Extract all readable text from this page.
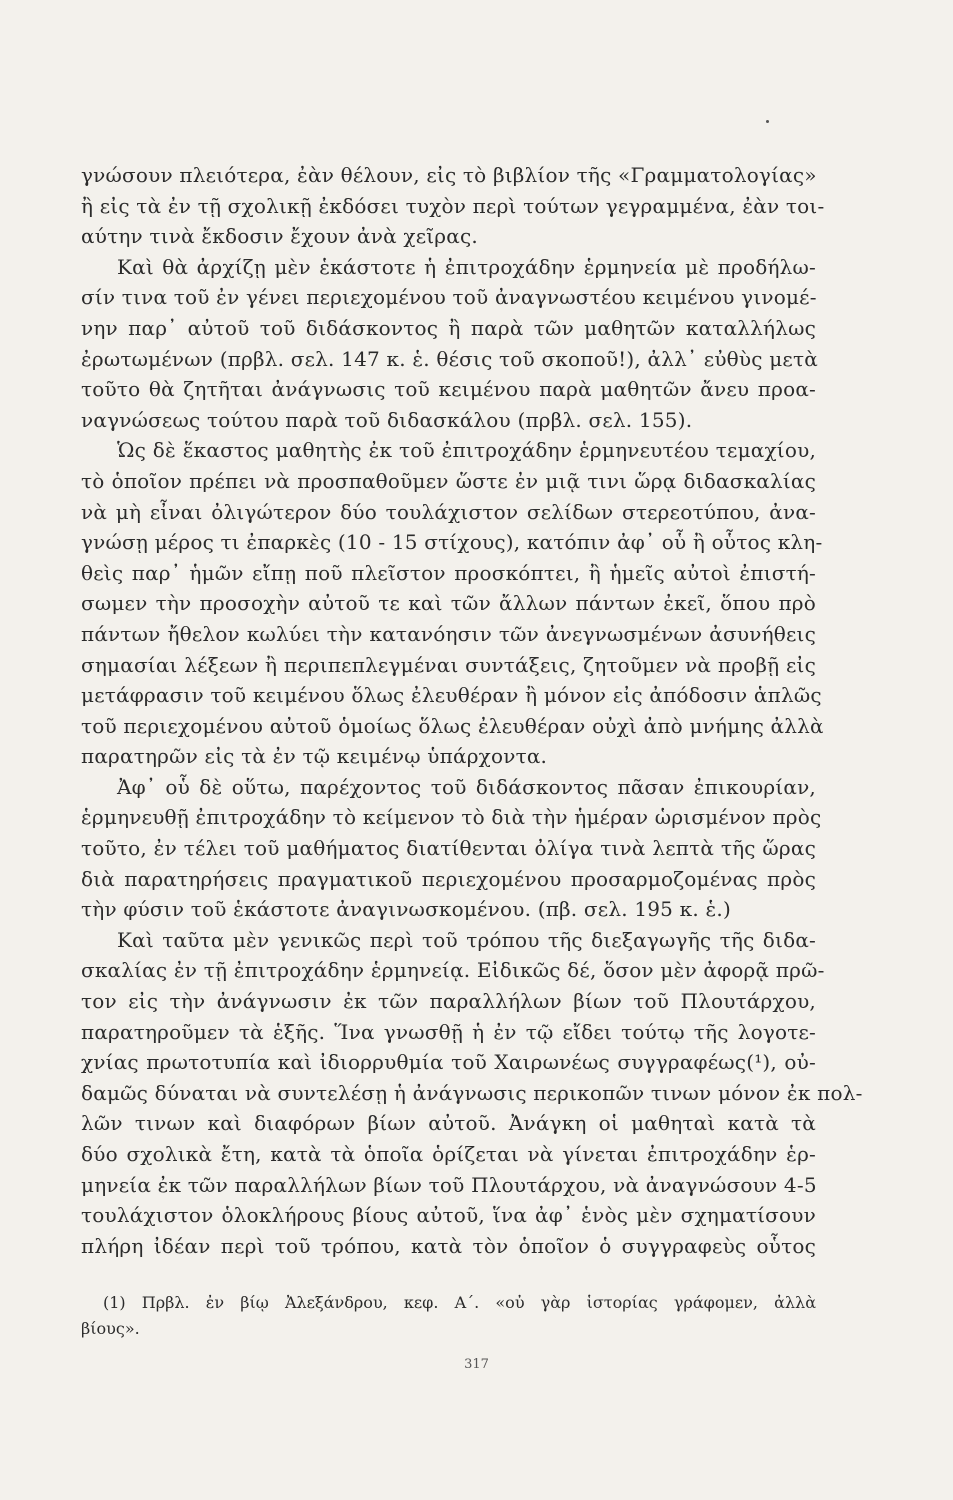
γνώσουν πλειότερα, ἐὰν θέλουν, εἰς τὸ βιβλίον τῆς «Γραμματολογίας»
ἢ εἰς τὰ ἐν τῇ σχολικῇ ἐκδόσει τυχὸν περὶ τούτων γεγραμμένα, ἐὰν τοι-
αύτην τινὰ ἔκδοσιν ἔχουν ἀνὰ χεῖρας.
Καὶ θὰ ἀρχίζῃ μὲν ἑκάστοτε ἡ ἐπιτροχάδην ἑρμηνεία μὲ προδήλω-
σίν τινα τοῦ ἐν γένει περιεχομένου τοῦ ἀναγνωστέου κειμένου γινομέ-
νην παρ᾽ αὐτοῦ τοῦ διδάσκοντος ἢ παρὰ τῶν μαθητῶν καταλλήλως
ἐρωτωμένων (πρβλ. σελ. 147 κ. ἑ. θέσις τοῦ σκοποῦ!), ἀλλ᾽ εὐθὺς μετὰ
τοῦτο θὰ ζητῆται ἀνάγνωσις τοῦ κειμένου παρὰ μαθητῶν ἄνευ προα-
ναγνώσεως τούτου παρὰ τοῦ διδασκάλου (πρβλ. σελ. 155).
Ὡς δὲ ἕκαστος μαθητὴς ἐκ τοῦ ἐπιτροχάδην ἑρμηνευτέου τεμαχίου,
τὸ ὁποῖον πρέπει νὰ προσπαθοῦμεν ὥστε ἐν μιᾷ τινι ὥρᾳ διδασκαλίας
νὰ μὴ εἶναι ὀλιγώτερον δύο τουλάχιστον σελίδων στερεοτύπου, ἀνα-
γνώσῃ μέρος τι ἐπαρκὲς (10 - 15 στίχους), κατόπιν ἀφ᾽ οὗ ἢ οὗτος κλη-
θεὶς παρ᾽ ἡμῶν εἴπῃ ποῦ πλεῖστον προσκόπτει, ἢ ἡμεῖς αὐτοὶ ἐπιστή-
σωμεν τὴν προσοχὴν αὐτοῦ τε καὶ τῶν ἄλλων πάντων ἐκεῖ, ὅπου πρὸ
πάντων ἤθελον κωλύει τὴν κατανόησιν τῶν ἀνεγνωσμένων ἀσυνήθεις
σημασίαι λέξεων ἢ περιπεπλεγμέναι συντάξεις, ζητοῦμεν νὰ προβῇ εἰς
μετάφρασιν τοῦ κειμένου ὅλως ἐλευθέραν ἢ μόνον εἰς ἀπόδοσιν ἁπλῶς
τοῦ περιεχομένου αὐτοῦ ὁμοίως ὅλως ἐλευθέραν οὐχὶ ἀπὸ μνήμης ἀλλὰ
παρατηρῶν εἰς τὰ ἐν τῷ κειμένῳ ὑπάρχοντα.
Ἀφ᾽ οὗ δὲ οὕτω, παρέχοντος τοῦ διδάσκοντος πᾶσαν ἐπικουρίαν,
ἑρμηνευθῇ ἐπιτροχάδην τὸ κείμενον τὸ διὰ τὴν ἡμέραν ὡρισμένον πρὸς
τοῦτο, ἐν τέλει τοῦ μαθήματος διατίθενται ὀλίγα τινὰ λεπτὰ τῆς ὥρας
διὰ παρατηρήσεις πραγματικοῦ περιεχομένου προσαρμοζομένας πρὸς
τὴν φύσιν τοῦ ἑκάστοτε ἀναγινωσκομένου. (πβ. σελ. 195 κ. ἑ.)
Καὶ ταῦτα μὲν γενικῶς περὶ τοῦ τρόπου τῆς διεξαγωγῆς τῆς διδα-
σκαλίας ἐν τῇ ἐπιτροχάδην ἑρμηνείᾳ. Εἰδικῶς δέ, ὅσον μὲν ἀφορᾷ πρῶ-
τον εἰς τὴν ἀνάγνωσιν ἐκ τῶν παραλλήλων βίων τοῦ Πλουτάρχου,
παρατηροῦμεν τὰ ἑξῆς. Ἵνα γνωσθῇ ἡ ἐν τῷ εἴδει τούτῳ τῆς λογοτε-
χνίας πρωτοτυπία καὶ ἰδιορρυθμία τοῦ Χαιρωνέως συγγραφέως(¹), οὐ-
δαμῶς δύναται νὰ συντελέσῃ ἡ ἀνάγνωσις περικοπῶν τινων μόνον ἐκ πολ-
λῶν τινων καὶ διαφόρων βίων αὐτοῦ. Ἀνάγκη οἱ μαθηταὶ κατὰ τὰ
δύο σχολικὰ ἔτη, κατὰ τὰ ὁποῖα ὁρίζεται νὰ γίνεται ἐπιτροχάδην ἑρ-
μηνεία ἐκ τῶν παραλλήλων βίων τοῦ Πλουτάρχου, νὰ ἀναγνώσουν 4-5
τουλάχιστον ὁλοκλήρους βίους αὐτοῦ, ἵνα ἀφ᾽ ἑνὸς μὲν σχηματίσουν
πλήρη ἰδέαν περὶ τοῦ τρόπου, κατὰ τὸν ὁποῖον ὁ συγγραφεὺς οὗτος
(1) Πρβλ. ἐν βίῳ Ἀλεξάνδρου, κεφ. Α΄. «οὐ γὰρ ἱστορίας γράφομεν, ἀλλὰ
βίους».
317
